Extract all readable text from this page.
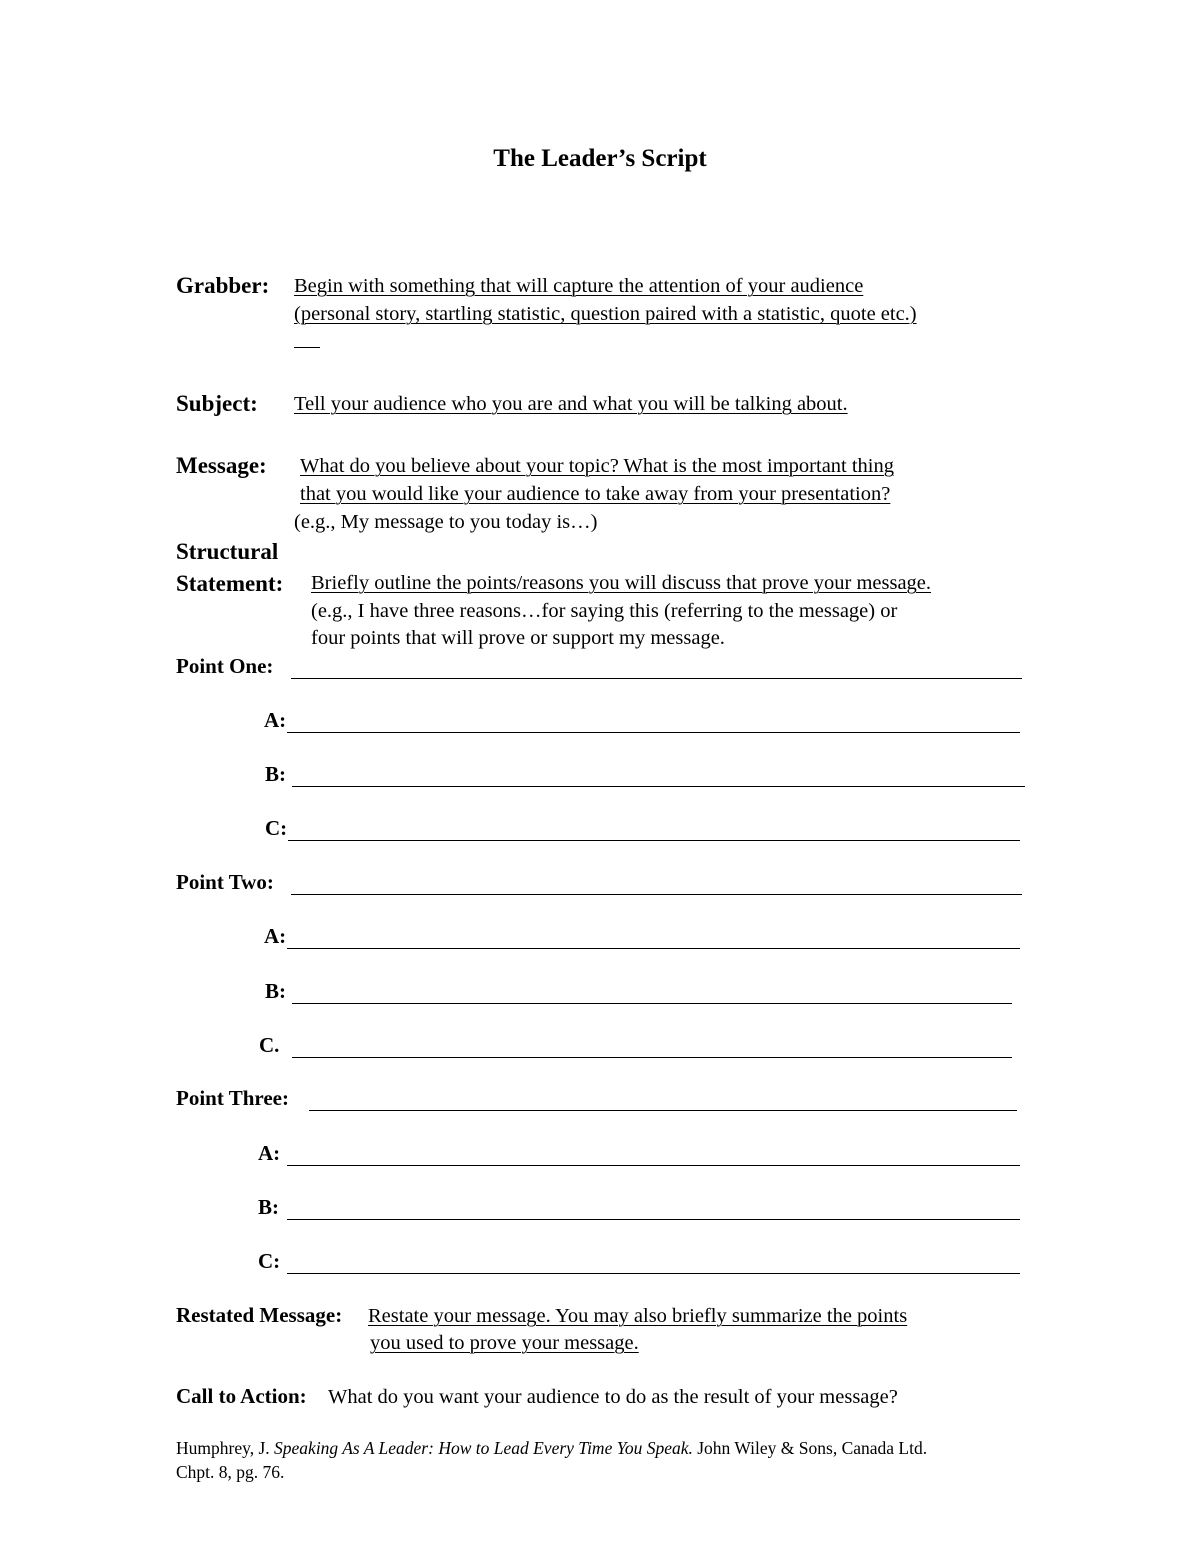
The Leader’s Script
Grabber: Begin with something that will capture the attention of your audience
(personal story, startling statistic, question paired with a statistic, quote etc.)
Subject: Tell your audience who you are and what you will be talking about.
Message: What do you believe about your topic? What is the most important thing
that you would like your audience to take away from your presentation?
(e.g., My message to you today is…)
Structural
Statement: Briefly outline the points/reasons you will discuss that prove your message.
(e.g., I have three reasons…for saying this (referring to the message) or
four points that will prove or support my message.
Point One:
A:
B:
C:
Point Two:
A:
B:
C.
Point Three:
A:
B:
C:
Restated Message: Restate your message. You may also briefly summarize the points
you used to prove your message.
Call to Action: What do you want your audience to do as the result of your message?
Humphrey, J. Speaking As A Leader: How to Lead Every Time You Speak. John Wiley & Sons, Canada Ltd.
Chpt. 8, pg. 76.
